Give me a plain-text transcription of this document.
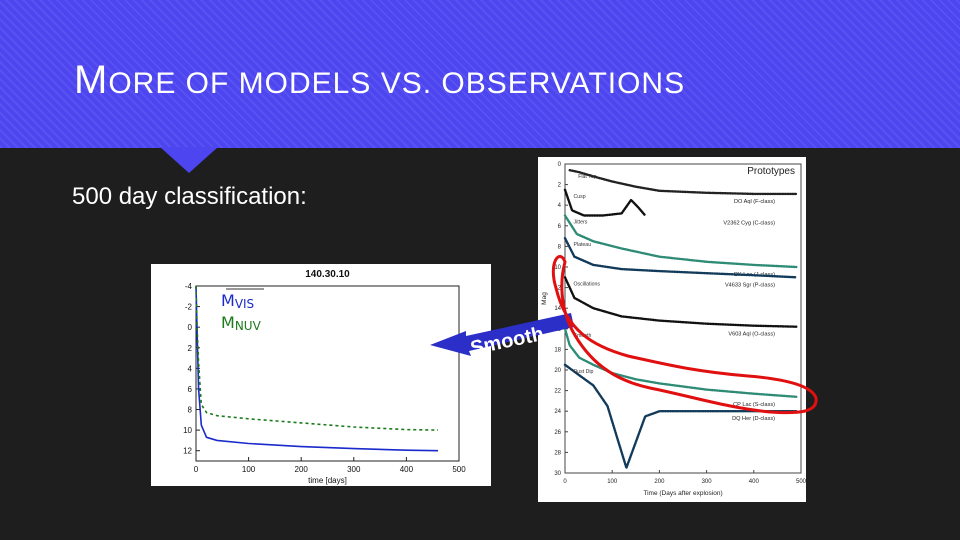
MORE OF MODELS VS. OBSERVATIONS

500 day classification:

140.30.10
0	100	200	300	400	500
-4
-2
0
2
4
6
8
10
12
time [days]
MVIS
MNUV
Prototypes
0	100	200	300	400	500
0
2
4
6
8
10
12
14
18
20
22
24
26
28
30
Time (Days after explosion)
Mag
DO Aql (F-class)
Flat Top
V2362 Cyg (C-class)
Cusp
DK Lac (J-class)
Jitters
V4633 Sgr (P-class)
Plateau
V603 Aql (O-class)
Oscillations
CP Lac (S-class)
Smooth
DQ Her (D-class)
Dust Dip
Smooth
